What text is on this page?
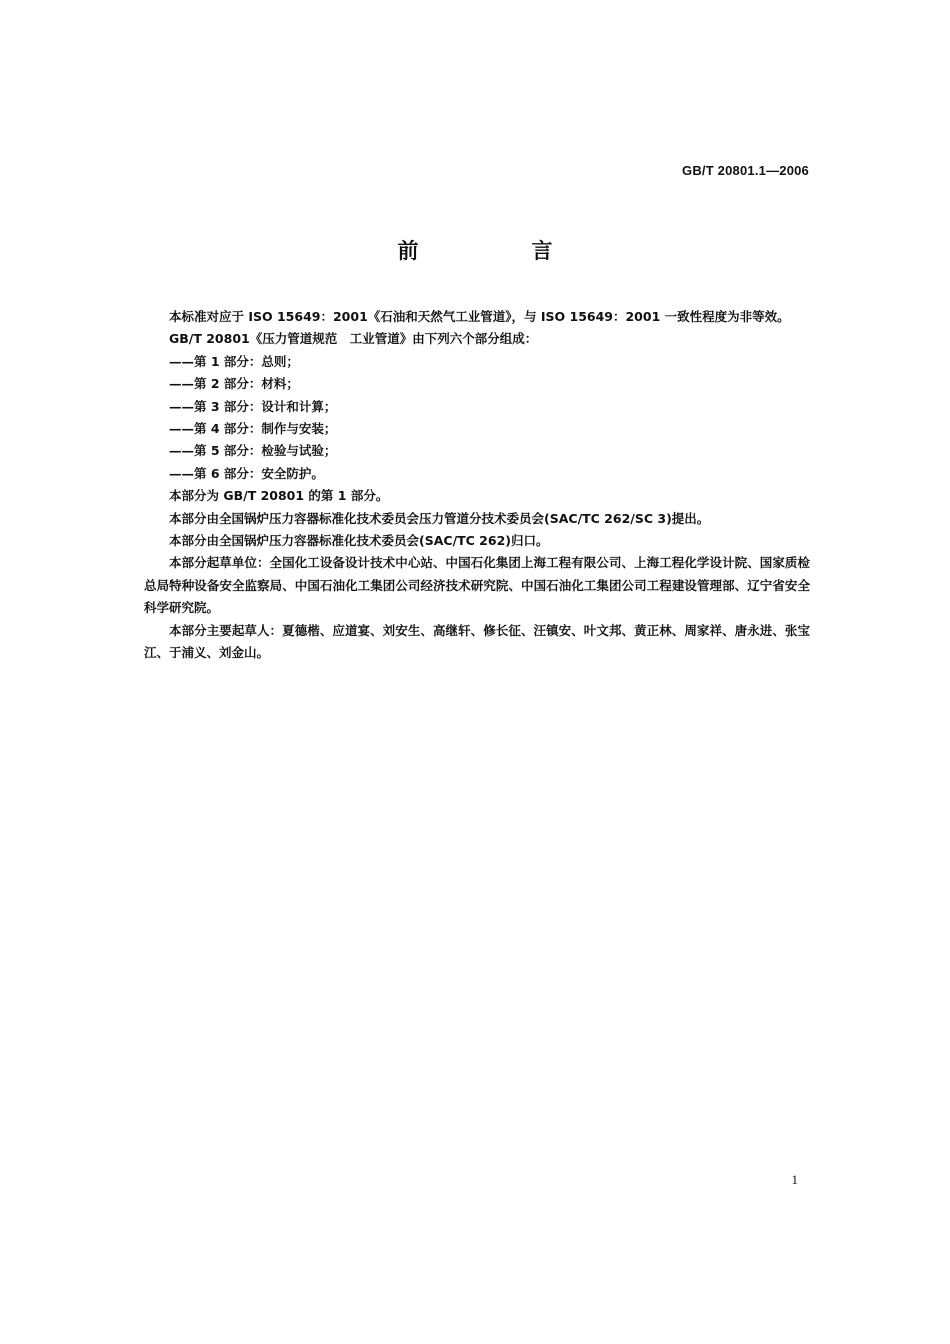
GB/T 20801.1—2006
前　言

本标准对应于 ISO 15649：2001《石油和天然气工业管道》，与 ISO 15649：2001 一致性程度为非等效。

GB/T 20801《压力管道规范　工业管道》由下列六个部分组成：

——第 1 部分：总则；

——第 2 部分：材料；

——第 3 部分：设计和计算；

——第 4 部分：制作与安装；

——第 5 部分：检验与试验；

——第 6 部分：安全防护。

本部分为 GB/T 20801 的第 1 部分。

本部分由全国锅炉压力容器标准化技术委员会压力管道分技术委员会(SAC/TC 262/SC 3)提出。

本部分由全国锅炉压力容器标准化技术委员会(SAC/TC 262)归口。

本部分起草单位：全国化工设备设计技术中心站、中国石化集团上海工程有限公司、上海工程化学设计院、国家质检总局特种设备安全监察局、中国石油化工集团公司经济技术研究院、中国石油化工集团公司工程建设管理部、辽宁省安全科学研究院。

本部分主要起草人：夏德楷、应道宴、刘安生、高继轩、修长征、汪镇安、叶文邦、黄正林、周家祥、唐永进、张宝江、于浦义、刘金山。

1
